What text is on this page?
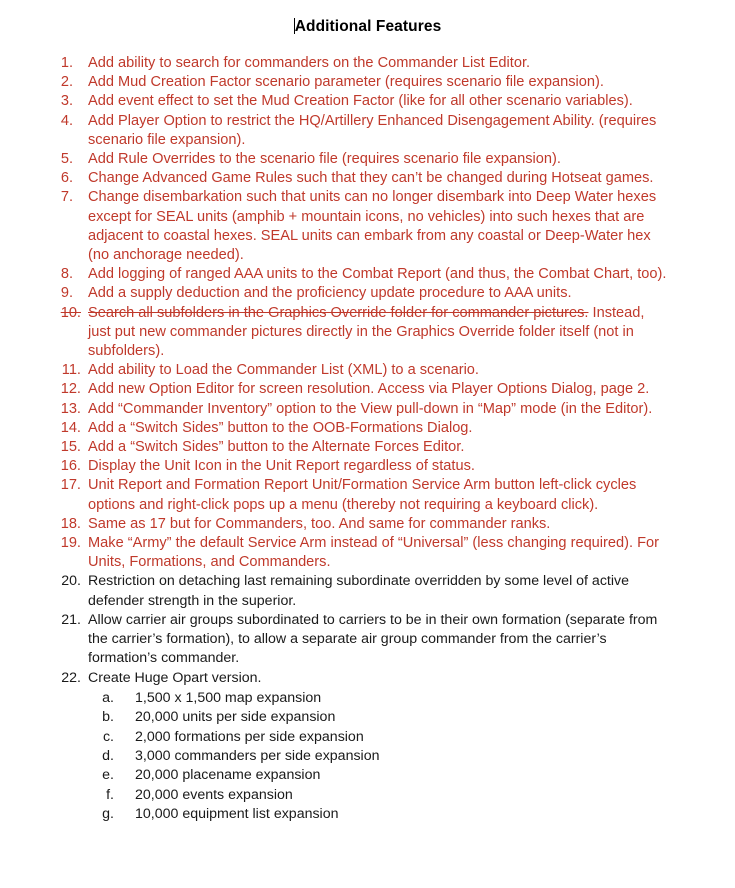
Additional Features
1. Add ability to search for commanders on the Commander List Editor.
2. Add Mud Creation Factor scenario parameter (requires scenario file expansion).
3. Add event effect to set the Mud Creation Factor (like for all other scenario variables).
4. Add Player Option to restrict the HQ/Artillery Enhanced Disengagement Ability. (requires scenario file expansion).
5. Add Rule Overrides to the scenario file (requires scenario file expansion).
6. Change Advanced Game Rules such that they can’t be changed during Hotseat games.
7. Change disembarkation such that units can no longer disembark into Deep Water hexes except for SEAL units (amphib + mountain icons, no vehicles) into such hexes that are adjacent to coastal hexes. SEAL units can embark from any coastal or Deep-Water hex (no anchorage needed).
8. Add logging of ranged AAA units to the Combat Report (and thus, the Combat Chart, too).
9. Add a supply deduction and the proficiency update procedure to AAA units.
10. Search all subfolders in the Graphics Override folder for commander pictures. Instead, just put new commander pictures directly in the Graphics Override folder itself (not in subfolders).
11. Add ability to Load the Commander List (XML) to a scenario.
12. Add new Option Editor for screen resolution. Access via Player Options Dialog, page 2.
13. Add “Commander Inventory” option to the View pull-down in “Map” mode (in the Editor).
14. Add a “Switch Sides” button to the OOB-Formations Dialog.
15. Add a “Switch Sides” button to the Alternate Forces Editor.
16. Display the Unit Icon in the Unit Report regardless of status.
17. Unit Report and Formation Report Unit/Formation Service Arm button left-click cycles options and right-click pops up a menu (thereby not requiring a keyboard click).
18. Same as 17 but for Commanders, too. And same for commander ranks.
19. Make “Army” the default Service Arm instead of “Universal” (less changing required). For Units, Formations, and Commanders.
20. Restriction on detaching last remaining subordinate overridden by some level of active defender strength in the superior.
21. Allow carrier air groups subordinated to carriers to be in their own formation (separate from the carrier’s formation), to allow a separate air group commander from the carrier’s formation’s commander.
22. Create Huge Opart version.
a. 1,500 x 1,500 map expansion
b. 20,000 units per side expansion
c. 2,000 formations per side expansion
d. 3,000 commanders per side expansion
e. 20,000 placename expansion
f. 20,000 events expansion
g. 10,000 equipment list expansion
